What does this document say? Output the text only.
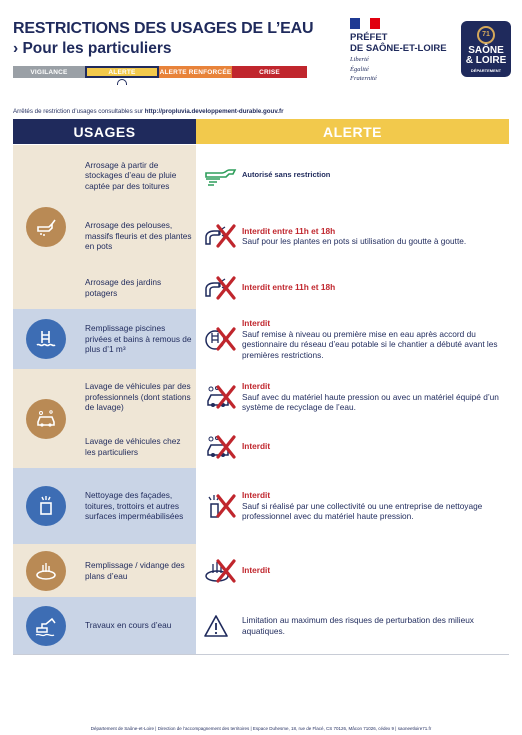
RESTRICTIONS DES USAGES DE L’EAU
› Pour les particuliers
VIGILANCE	ALERTE	ALERTE RENFORCÉE	CRISE
PRÉFET
DE SAÔNE-ET-LOIRE
Liberté
Égalité
Fraternité
71
SAÔNE
& LOIRE
DÉPARTEMENT
Arrêtés de restriction d’usages consultables sur http://propluvia.developpement-durable.gouv.fr
USAGES	ALERTE
Arrosage à partir de stockages d’eau de pluie captée par des toitures
Autorisé sans restriction
Arrosage des pelouses, massifs fleuris et des plantes en pots
Interdit entre 11h et 18h
Sauf pour les plantes en pots si utilisation du goutte à goutte.
Arrosage des jardins potagers
Interdit entre 11h et 18h
Remplissage piscines privées et bains à remous de plus d’1 m³
Interdit
Sauf remise à niveau ou première mise en eau après accord du gestionnaire du réseau d’eau potable si le chantier a débuté avant les premières restrictions.
Lavage de véhicules par des professionnels (dont stations de lavage)
Interdit
Sauf avec du matériel haute pression ou avec un matériel équipé d’un système de recyclage de l’eau.
Lavage de véhicules chez les particuliers
Interdit
Nettoyage des façades, toitures, trottoirs et autres surfaces imperméabilisées
Interdit
Sauf si réalisé par une collectivité ou une entreprise de nettoyage professionnel avec du matériel haute pression.
Remplissage / vidange des plans d’eau
Interdit
Travaux en cours d’eau
Limitation au maximum des risques de perturbation des milieux aquatiques.
Département de Saône-et-Loire | Direction de l’accompagnement des territoires | Espace Duhesme, 18, rue de Flacé, CS 70126, Mâcon 71026, cédex 9 | saoneetloire71.fr
